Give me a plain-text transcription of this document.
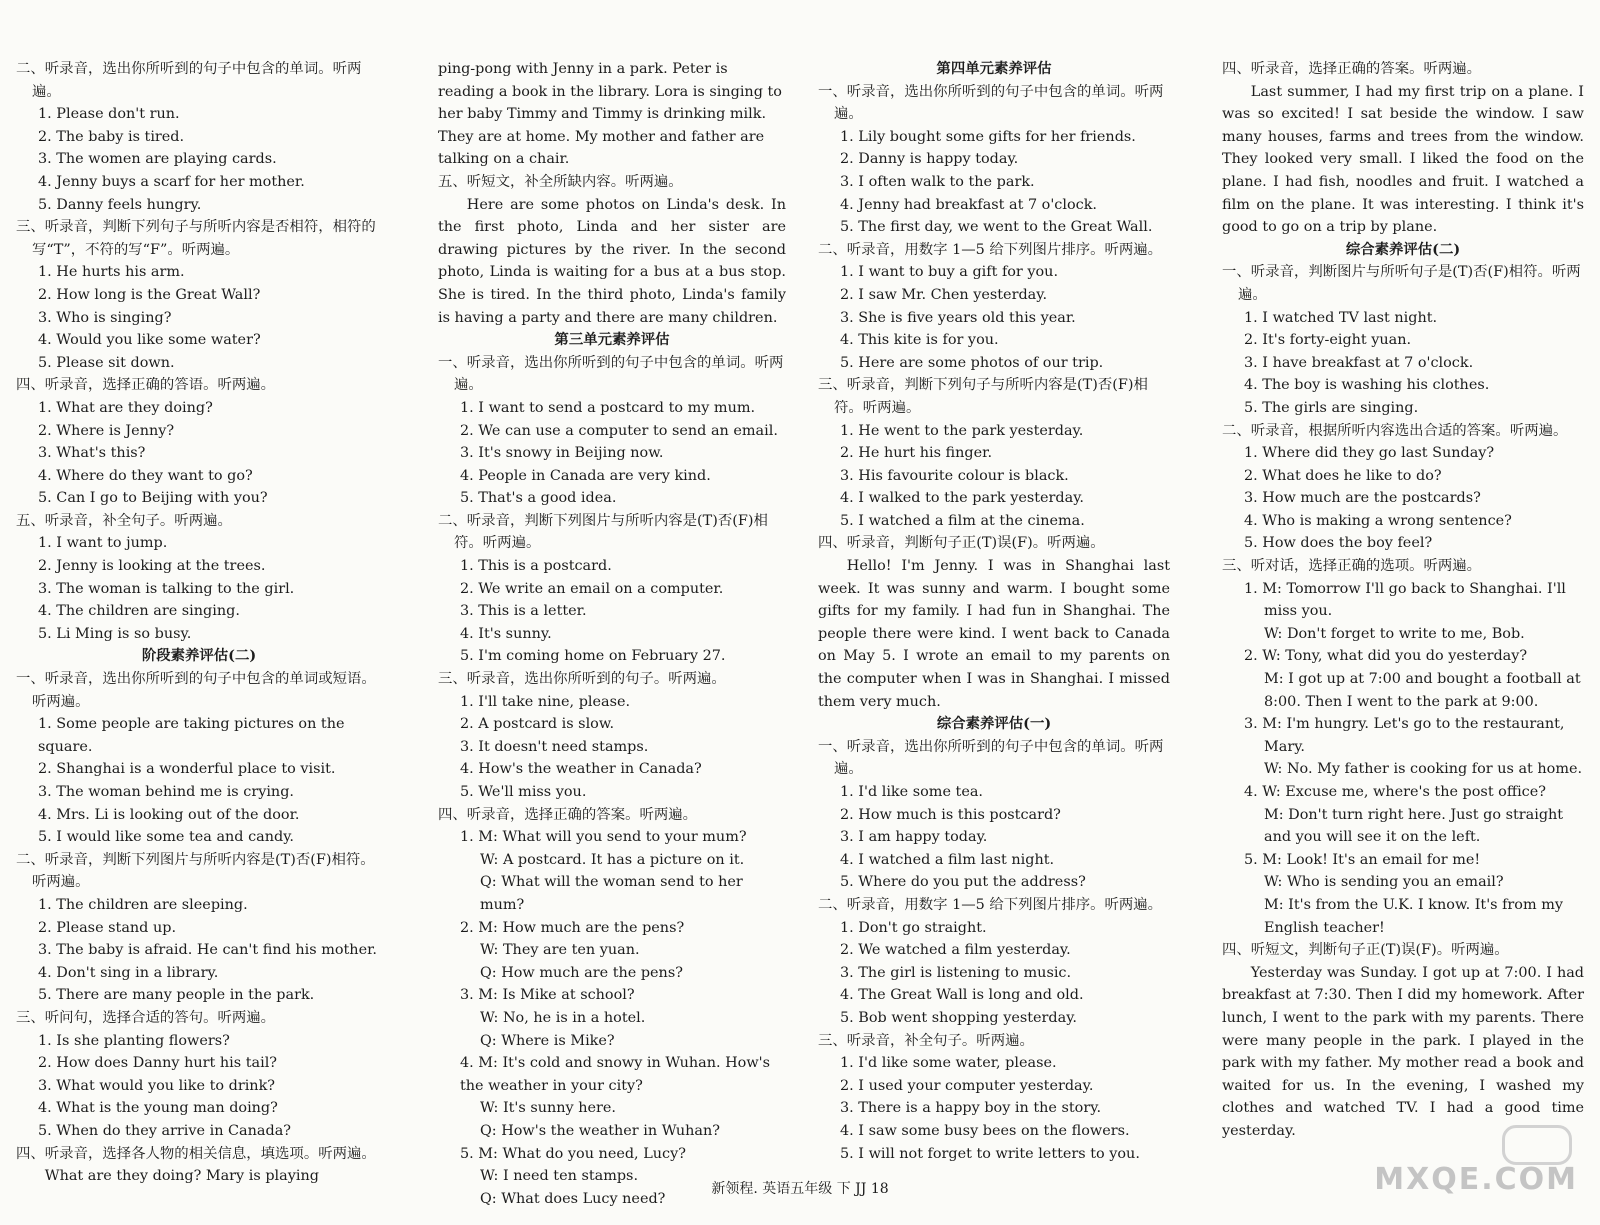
二、听录音，选出你所听到的句子中包含的单词。听两遍。
1. Please don't run.
2. The baby is tired.
3. The women are playing cards.
4. Jenny buys a scarf for her mother.
5. Danny feels hungry.
三、听录音，判断下列句子与所听内容是否相符，相符的写“T”，不符的写“F”。听两遍。
1. He hurts his arm.
2. How long is the Great Wall?
3. Who is singing?
4. Would you like some water?
5. Please sit down.
四、听录音，选择正确的答语。听两遍。
1. What are they doing?
2. Where is Jenny?
3. What's this?
4. Where do they want to go?
5. Can I go to Beijing with you?
五、听录音，补全句子。听两遍。
1. I want to jump.
2. Jenny is looking at the trees.
3. The woman is talking to the girl.
4. The children are singing.
5. Li Ming is so busy.
阶段素养评估(二)
一、听录音，选出你所听到的句子中包含的单词或短语。听两遍。
1. Some people are taking pictures on the square.
2. Shanghai is a wonderful place to visit.
3. The woman behind me is crying.
4. Mrs. Li is looking out of the door.
5. I would like some tea and candy.
二、听录音，判断下列图片与所听内容是(T)否(F)相符。听两遍。
1. The children are sleeping.
2. Please stand up.
3. The baby is afraid. He can't find his mother.
4. Don't sing in a library.
5. There are many people in the park.
三、听问句，选择合适的答句。听两遍。
1. Is she planting flowers?
2. How does Danny hurt his tail?
3. What would you like to drink?
4. What is the young man doing?
5. When do they arrive in Canada?
四、听录音，选择各人物的相关信息，填选项。听两遍。
What are they doing? Mary is playing
ping-pong with Jenny in a park. Peter is reading a book in the library. Lora is singing to her baby Timmy and Timmy is drinking milk. They are at home. My mother and father are talking on a chair.
五、听短文，补全所缺内容。听两遍。
Here are some photos on Linda's desk. In the first photo, Linda and her sister are drawing pictures by the river. In the second photo, Linda is waiting for a bus at a bus stop. She is tired. In the third photo, Linda's family is having a party and there are many children.
第三单元素养评估
一、听录音，选出你所听到的句子中包含的单词。听两遍。
1. I want to send a postcard to my mum.
2. We can use a computer to send an email.
3. It's snowy in Beijing now.
4. People in Canada are very kind.
5. That's a good idea.
二、听录音，判断下列图片与所听内容是(T)否(F)相符。听两遍。
1. This is a postcard.
2. We write an email on a computer.
3. This is a letter.
4. It's sunny.
5. I'm coming home on February 27.
三、听录音，选出你所听到的句子。听两遍。
1. I'll take nine, please.
2. A postcard is slow.
3. It doesn't need stamps.
4. How's the weather in Canada?
5. We'll miss you.
四、听录音，选择正确的答案。听两遍。
1. M: What will you send to your mum?
W: A postcard. It has a picture on it.
Q: What will the woman send to her mum?
2. M: How much are the pens?
W: They are ten yuan.
Q: How much are the pens?
3. M: Is Mike at school?
W: No, he is in a hotel.
Q: Where is Mike?
4. M: It's cold and snowy in Wuhan. How's the weather in your city?
W: It's sunny here.
Q: How's the weather in Wuhan?
5. M: What do you need, Lucy?
W: I need ten stamps.
Q: What does Lucy need?
第四单元素养评估
一、听录音，选出你所听到的句子中包含的单词。听两遍。
1. Lily bought some gifts for her friends.
2. Danny is happy today.
3. I often walk to the park.
4. Jenny had breakfast at 7 o'clock.
5. The first day, we went to the Great Wall.
二、听录音，用数字 1—5 给下列图片排序。听两遍。
1. I want to buy a gift for you.
2. I saw Mr. Chen yesterday.
3. She is five years old this year.
4. This kite is for you.
5. Here are some photos of our trip.
三、听录音，判断下列句子与所听内容是(T)否(F)相符。听两遍。
1. He went to the park yesterday.
2. He hurt his finger.
3. His favourite colour is black.
4. I walked to the park yesterday.
5. I watched a film at the cinema.
四、听录音，判断句子正(T)误(F)。听两遍。
Hello! I'm Jenny. I was in Shanghai last week. It was sunny and warm. I bought some gifts for my family. I had fun in Shanghai. The people there were kind. I went back to Canada on May 5. I wrote an email to my parents on the computer when I was in Shanghai. I missed them very much.
综合素养评估(一)
一、听录音，选出你所听到的句子中包含的单词。听两遍。
1. I'd like some tea.
2. How much is this postcard?
3. I am happy today.
4. I watched a film last night.
5. Where do you put the address?
二、听录音，用数字 1—5 给下列图片排序。听两遍。
1. Don't go straight.
2. We watched a film yesterday.
3. The girl is listening to music.
4. The Great Wall is long and old.
5. Bob went shopping yesterday.
三、听录音，补全句子。听两遍。
1. I'd like some water, please.
2. I used your computer yesterday.
3. There is a happy boy in the story.
4. I saw some busy bees on the flowers.
5. I will not forget to write letters to you.
四、听录音，选择正确的答案。听两遍。
Last summer, I had my first trip on a plane. I was so excited! I sat beside the window. I saw many houses, farms and trees from the window. They looked very small. I liked the food on the plane. I had fish, noodles and fruit. I watched a film on the plane. It was interesting. I think it's good to go on a trip by plane.
综合素养评估(二)
一、听录音，判断图片与所听句子是(T)否(F)相符。听两遍。
1. I watched TV last night.
2. It's forty-eight yuan.
3. I have breakfast at 7 o'clock.
4. The boy is washing his clothes.
5. The girls are singing.
二、听录音，根据所听内容选出合适的答案。听两遍。
1. Where did they go last Sunday?
2. What does he like to do?
3. How much are the postcards?
4. Who is making a wrong sentence?
5. How does the boy feel?
三、听对话，选择正确的选项。听两遍。
1. M: Tomorrow I'll go back to Shanghai. I'll miss you.
W: Don't forget to write to me, Bob.
2. W: Tony, what did you do yesterday?
M: I got up at 7:00 and bought a football at 8:00. Then I went to the park at 9:00.
3. M: I'm hungry. Let's go to the restaurant, Mary.
W: No. My father is cooking for us at home.
4. W: Excuse me, where's the post office?
M: Don't turn right here. Just go straight and you will see it on the left.
5. M: Look! It's an email for me!
W: Who is sending you an email?
M: It's from the U.K. I know. It's from my English teacher!
四、听短文，判断句子正(T)误(F)。听两遍。
Yesterday was Sunday. I got up at 7:00. I had breakfast at 7:30. Then I did my homework. After lunch, I went to the park with my parents. There were many people in the park. I played in the park with my father. My mother read a book and waited for us. In the evening, I washed my clothes and watched TV. I had a good time yesterday.
新领程. 英语五年级 下 JJ 18	MXQE.COM
